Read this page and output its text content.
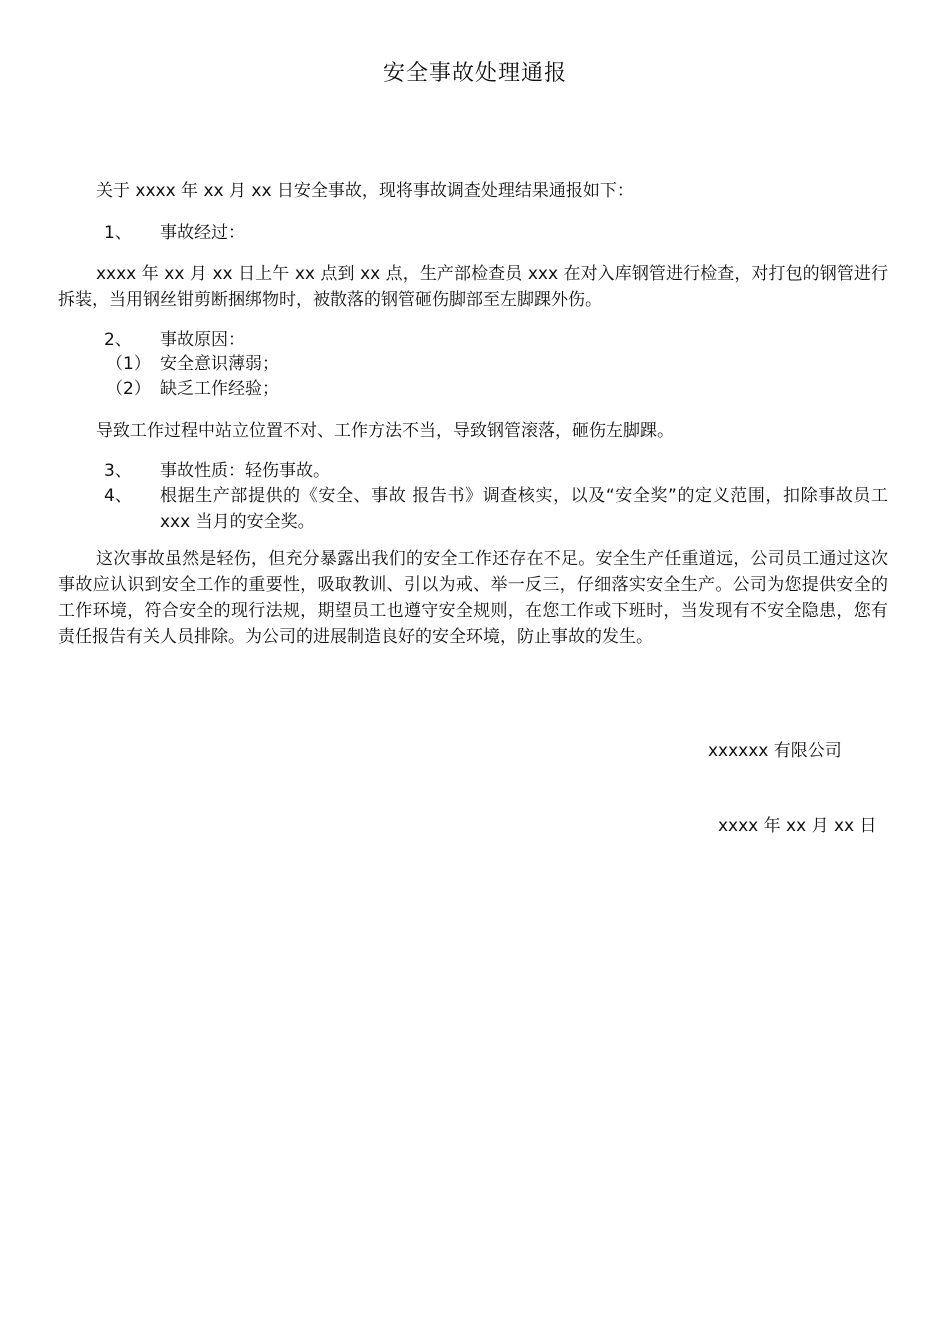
安全事故处理通报
关于 xxxx 年 xx 月 xx 日安全事故，现将事故调查处理结果通报如下：
1、 事故经过：
xxxx 年 xx 月 xx 日上午 xx 点到 xx 点，生产部检查员 xxx 在对入库钢管进行检查，对打包的钢管进行拆装，当用钢丝钳剪断捆绑物时，被散落的钢管砸伤脚部至左脚踝外伤。
2、 事故原因：
（1） 安全意识薄弱；
（2） 缺乏工作经验；
导致工作过程中站立位置不对、工作方法不当，导致钢管滚落，砸伤左脚踝。
3、 事故性质：轻伤事故。
4、 根据生产部提供的《安全、事故 报告书》调查核实，以及“安全奖”的定义范围，扣除事故员工 xxx 当月的安全奖。
这次事故虽然是轻伤，但充分暴露出我们的安全工作还存在不足。安全生产任重道远，公司员工通过这次事故应认识到安全工作的重要性，吸取教训、引以为戒、举一反三，仔细落实安全生产。公司为您提供安全的工作环境，符合安全的现行法规，期望员工也遵守安全规则，在您工作或下班时，当发现有不安全隐患，您有责任报告有关人员排除。为公司的进展制造良好的安全环境，防止事故的发生。
xxxxxx 有限公司
xxxx 年 xx 月 xx 日
